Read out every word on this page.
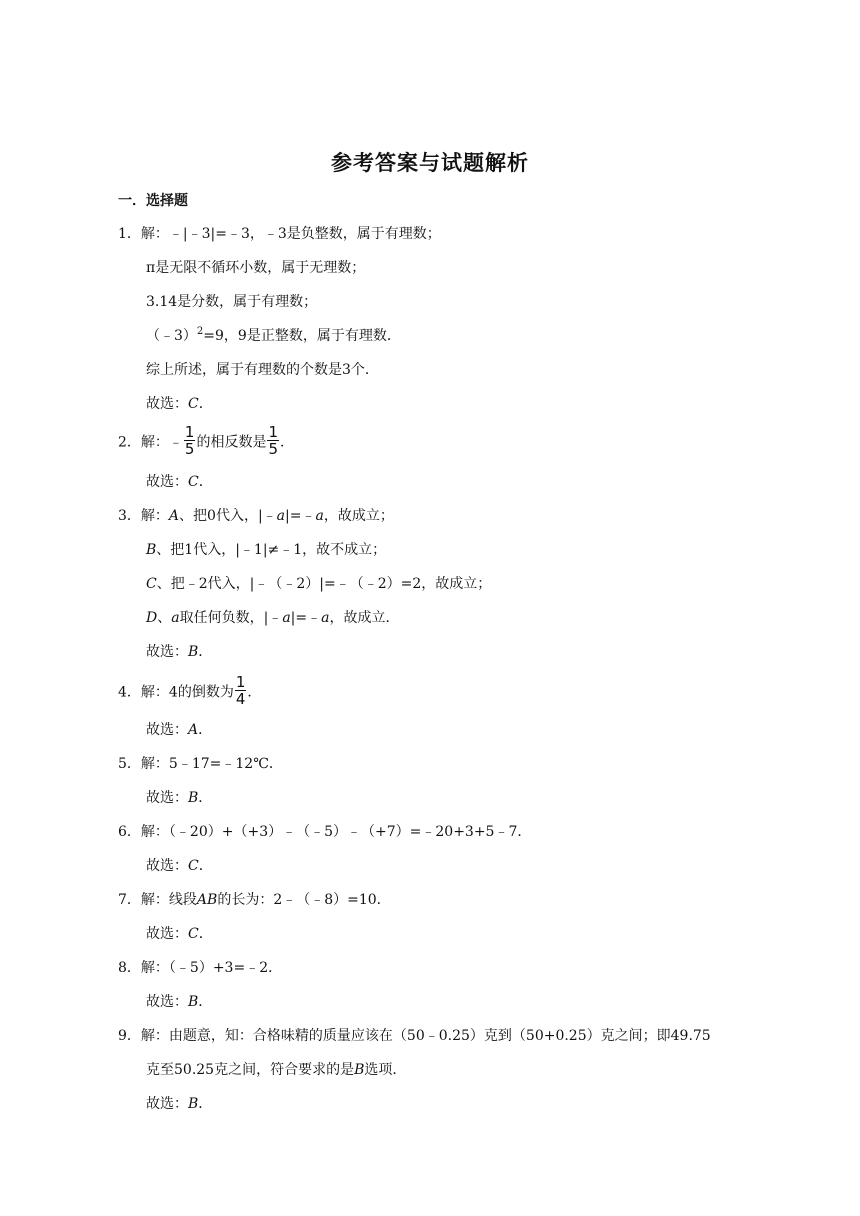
参考答案与试题解析
一．选择题
1．解：﹣|﹣3|=﹣3，﹣3是负整数，属于有理数；
π是无限不循环小数，属于无理数；
3.14是分数，属于有理数；
（﹣3）$^2$=9，9是正整数，属于有理数．
综上所述，属于有理数的个数是3个．
故选：C．
2．解：﹣ $\frac{1}{5}$ 的相反数是 $\frac{1}{5}$ ．
故选：C．
3．解：A、把0代入，|﹣a|=﹣a，故成立；
B、把1代入，|﹣1|≠﹣1，故不成立；
C、把﹣2代入，|﹣（﹣2）|=﹣（﹣2）=2，故成立；
D、a取任何负数，|﹣a|=﹣a，故成立．
故选：B．
4．解：4的倒数为 $\frac{1}{4}$ ．
故选：A．
5．解：5﹣17=﹣12℃．
故选：B．
6．解：（﹣20）+（+3）﹣（﹣5）﹣（+7）=﹣20+3+5﹣7．
故选：C．
7．解：线段AB的长为：2﹣（﹣8）=10．
故选：C．
8．解：（﹣5）+3=﹣2．
故选：B．
9．解：由题意，知：合格味精的质量应该在（50﹣0.25）克到（50+0.25）克之间；即49.75
克至50.25克之间，符合要求的是B选项．
故选：B．
